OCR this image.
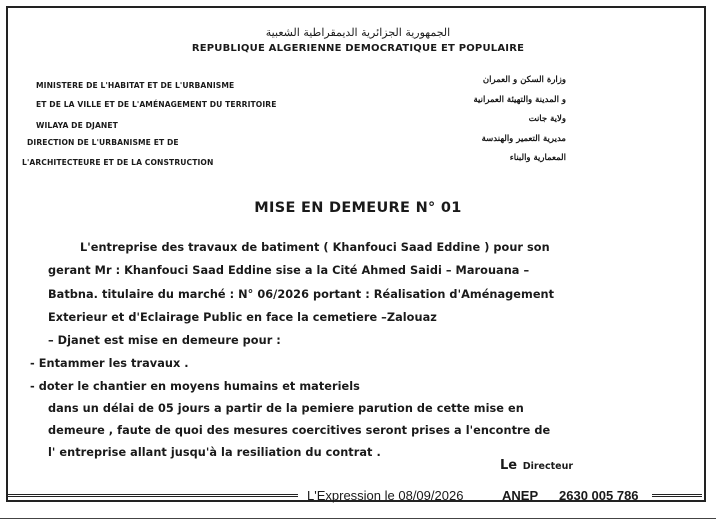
الجمهورية الجزائرية الديمقراطية الشعبية
REPUBLIQUE ALGERIENNE DEMOCRATIQUE ET POPULAIRE
MINISTERE DE L'HABITAT ET DE L'URBANISME
ET DE LA VILLE ET DE L'AMÉNAGEMENT DU TERRITOIRE
WILAYA DE DJANET
DIRECTION DE L'URBANISME ET DE
L'ARCHITECTEURE ET DE LA CONSTRUCTION
وزارة السكن و العمران
و المدينة والتهيئة العمرانية
ولاية جانت
مديرية التعمير والهندسة
المعمارية والبناء
MISE EN DEMEURE N° 01
L'entreprise des travaux de batiment ( Khanfouci Saad Eddine ) pour son
gerant Mr : Khanfouci Saad Eddine sise a la Cité Ahmed Saidi – Marouana –
Batbna. titulaire du marché : N° 06/2026 portant : Réalisation d'Aménagement
Exterieur et d'Eclairage Public en face la cemetiere –Zalouaz
– Djanet est mise en demeure pour :
- Entammer les travaux .
- doter le chantier en moyens humains et materiels
dans un délai de 05 jours a partir de la pemiere parution de cette mise en
demeure , faute de quoi des mesures coercitives seront prises a l'encontre de
l' entreprise allant jusqu'à la resiliation du contrat .
Le Directeur
L'Expression le 08/09/2026	ANEP 2630 005 786
